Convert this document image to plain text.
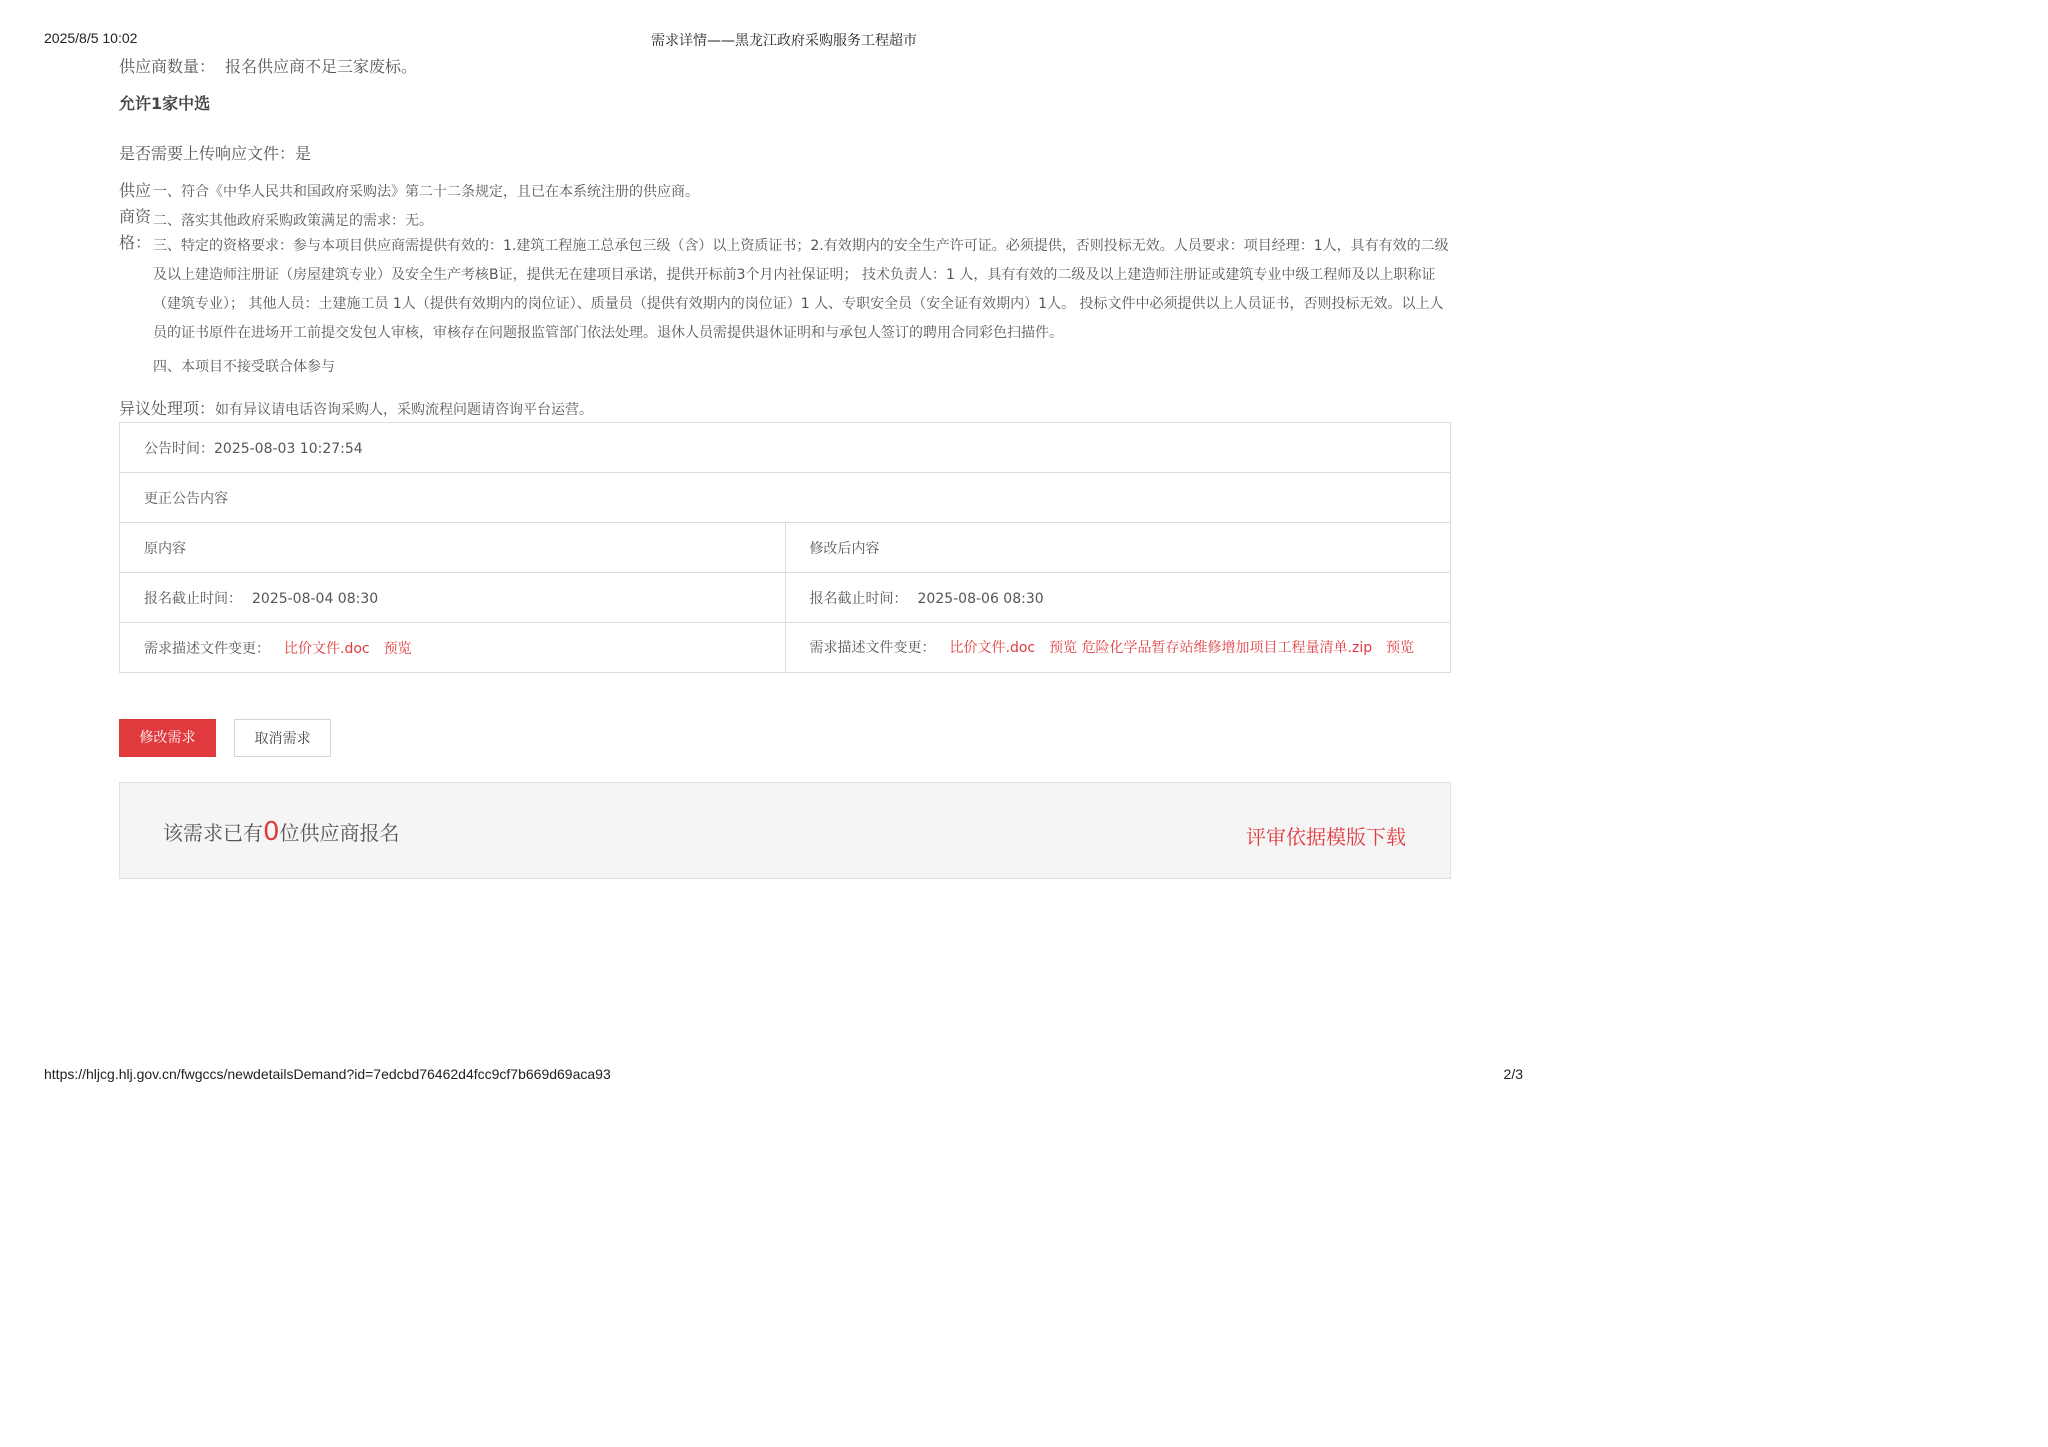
2025/8/5 10:02	需求详情——黑龙江政府采购服务工程超市
供应商数量： 报名供应商不足三家废标。
允许1家中选
是否需要上传响应文件：是
供应商资格：
一、符合《中华人民共和国政府采购法》第二十二条规定，且已在本系统注册的供应商。
二、落实其他政府采购政策满足的需求：无。
三、特定的资格要求：参与本项目供应商需提供有效的：1.建筑工程施工总承包三级（含）以上资质证书；2.有效期内的安全生产许可证。必须提供，否则投标无效。人员要求：项目经理：1人，具有有效的二级及以上建造师注册证（房屋建筑专业）及安全生产考核B证，提供无在建项目承诺，提供开标前3个月内社保证明； 技术负责人：1 人，具有有效的二级及以上建造师注册证或建筑专业中级工程师及以上职称证（建筑专业）； 其他人员：土建施工员 1人（提供有效期内的岗位证）、质量员（提供有效期内的岗位证）1 人、专职安全员（安全证有效期内）1人。 投标文件中必须提供以上人员证书，否则投标无效。以上人员的证书原件在进场开工前提交发包人审核，审核存在问题报监管部门依法处理。退休人员需提供退休证明和与承包人签订的聘用合同彩色扫描件。
四、本项目不接受联合体参与
异议处理项：如有异议请电话咨询采购人，采购流程问题请咨询平台运营。
公告时间：2025-08-03 10:27:54	
更正公告内容	
原内容	修改后内容
报名截止时间： 2025-08-04 08:30	报名截止时间： 2025-08-06 08:30
需求描述文件变更： 比价文件.doc 预览	需求描述文件变更： 比价文件.doc 预览 危险化学品暂存站维修增加项目工程量清单.zip 预览
修改需求	取消需求
该需求已有0位供应商报名	评审依据模版下载
https://hljcg.hlj.gov.cn/fwgccs/newdetailsDemand?id=7edcbd76462d4fcc9cf7b669d69aca93	2/3
